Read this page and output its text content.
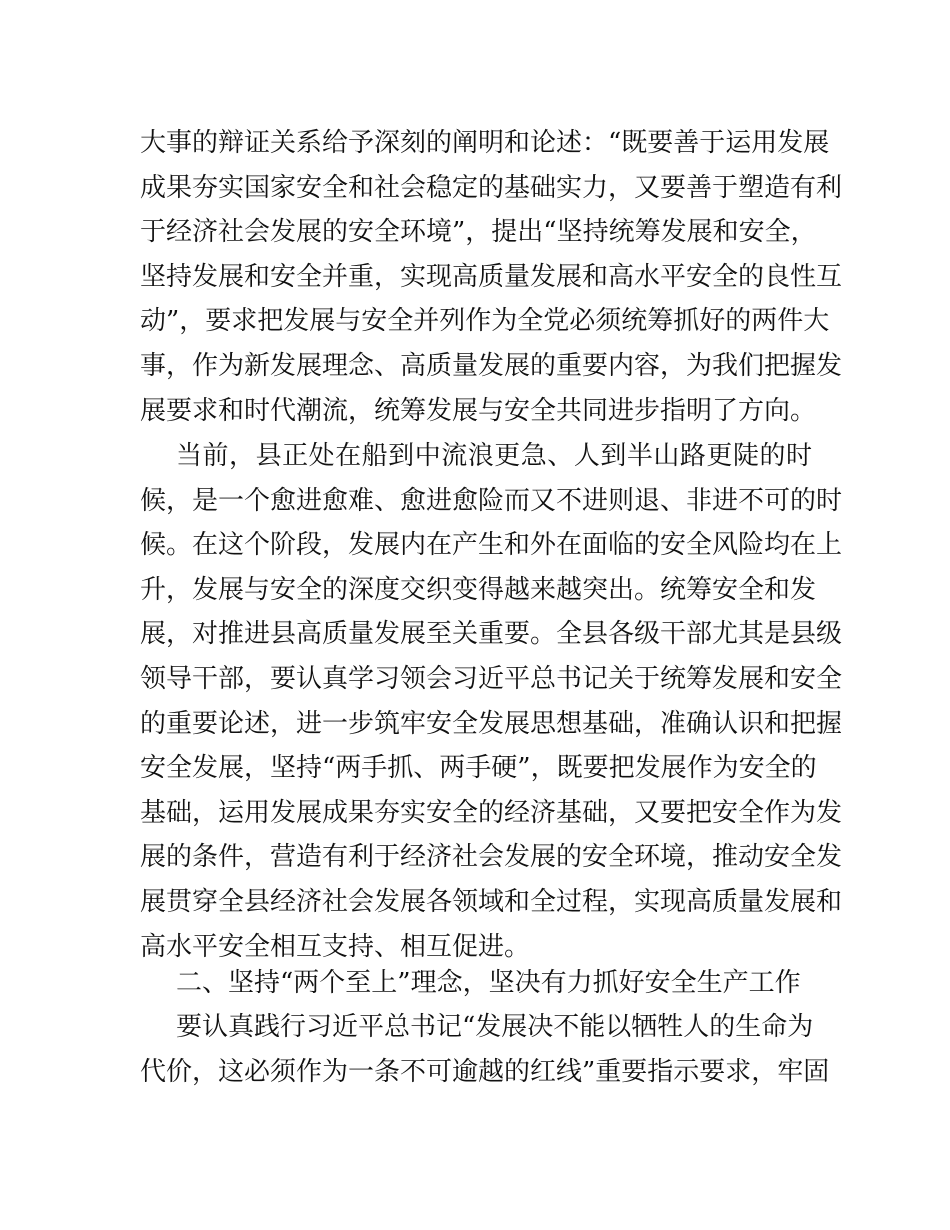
大事的辩证关系给予深刻的阐明和论述：“既要善于运用发展
成果夯实国家安全和社会稳定的基础实力，又要善于塑造有利
于经济社会发展的安全环境”，提出“坚持统筹发展和安全，
坚持发展和安全并重，实现高质量发展和高水平安全的良性互
动”，要求把发展与安全并列作为全党必须统筹抓好的两件大
事，作为新发展理念、高质量发展的重要内容，为我们把握发
展要求和时代潮流，统筹发展与安全共同进步指明了方向。
当前，县正处在船到中流浪更急、人到半山路更陡的时
候，是一个愈进愈难、愈进愈险而又不进则退、非进不可的时
候。在这个阶段，发展内在产生和外在面临的安全风险均在上
升，发展与安全的深度交织变得越来越突出。统筹安全和发
展，对推进县高质量发展至关重要。全县各级干部尤其是县级
领导干部，要认真学习领会习近平总书记关于统筹发展和安全
的重要论述，进一步筑牢安全发展思想基础，准确认识和把握
安全发展，坚持“两手抓、两手硬”，既要把发展作为安全的
基础，运用发展成果夯实安全的经济基础，又要把安全作为发
展的条件，营造有利于经济社会发展的安全环境，推动安全发
展贯穿全县经济社会发展各领域和全过程，实现高质量发展和
高水平安全相互支持、相互促进。
二、坚持“两个至上”理念，坚决有力抓好安全生产工作
要认真践行习近平总书记“发展决不能以牺牲人的生命为
代价，这必须作为一条不可逾越的红线”重要指示要求，牢固
